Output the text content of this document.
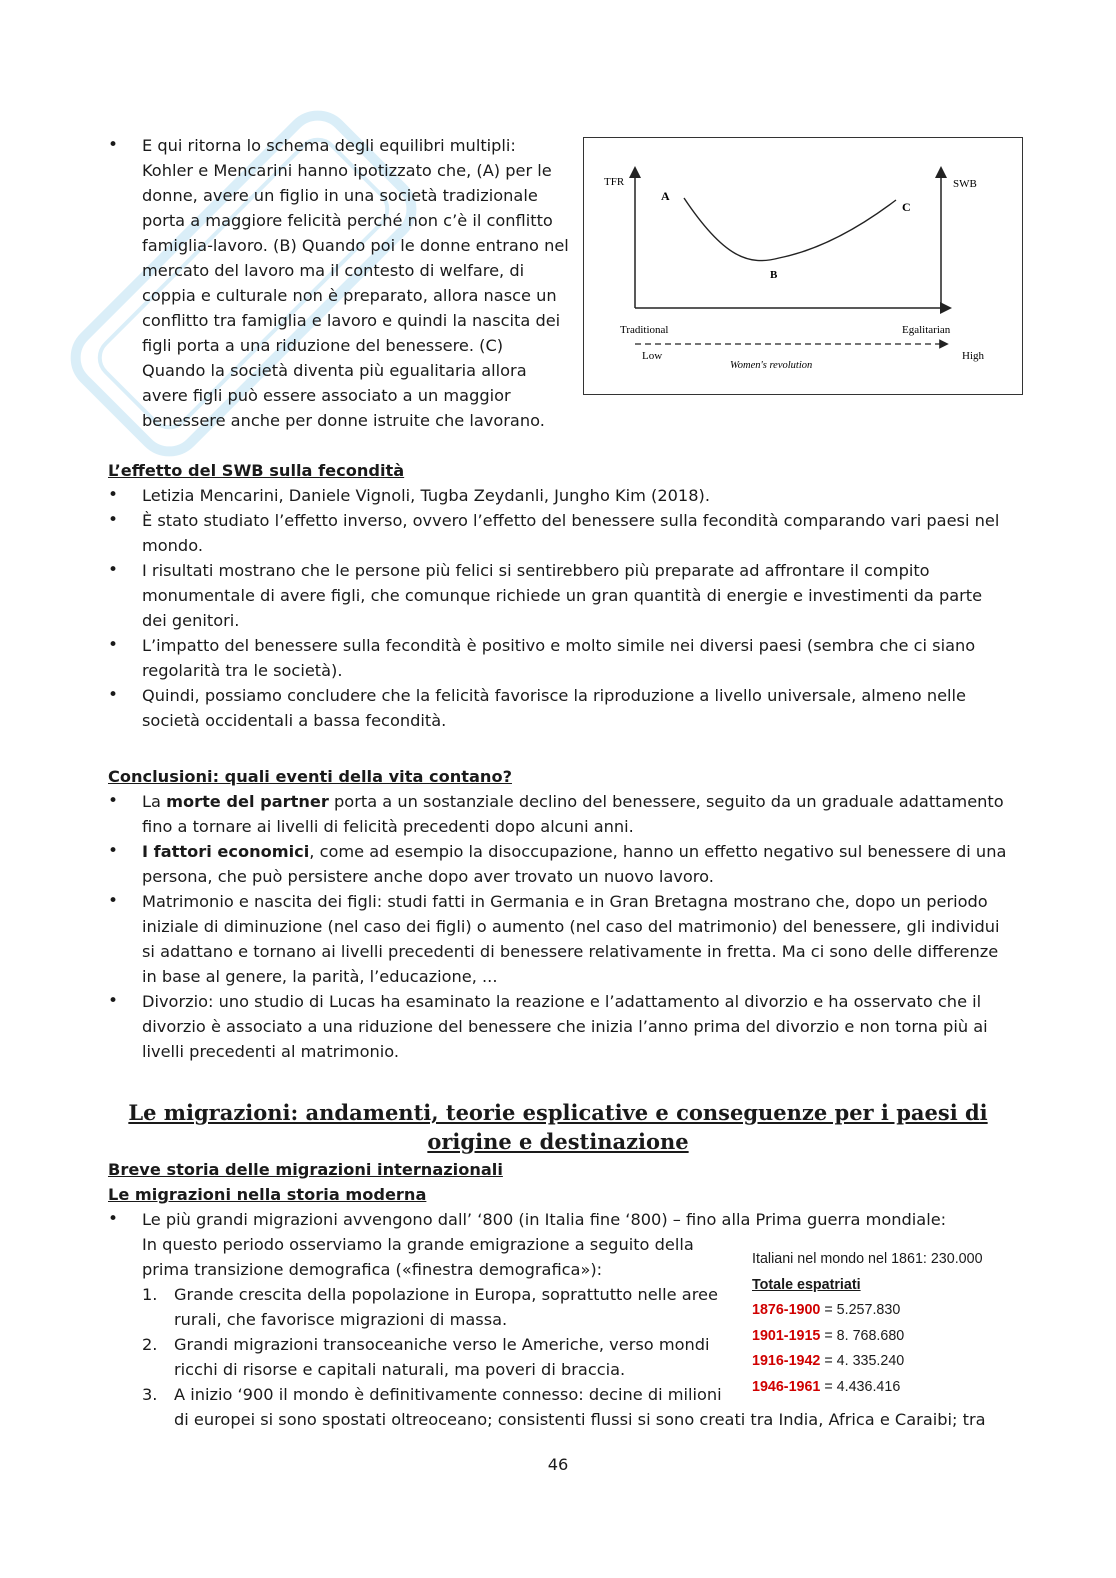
• E qui ritorna lo schema degli equilibri multipli: Kohler e Mencarini hanno ipotizzato che, (A) per le donne, avere un figlio in una società tradizionale porta a maggiore felicità perché non c’è il conflitto famiglia-lavoro. (B) Quando poi le donne entrano nel mercato del lavoro ma il contesto di welfare, di coppia e culturale non è preparato, allora nasce un conflitto tra famiglia e lavoro e quindi la nascita dei figli porta a una riduzione del benessere. (C) Quando la società diventa più egualitaria allora avere figli può essere associato a un maggior benessere anche per donne istruite che lavorano.
TFR	SWB
A
B
C
Traditional	Egalitarian
Low	High
Women's revolution
L’effetto del SWB sulla fecondità
• Letizia Mencarini, Daniele Vignoli, Tugba Zeydanli, Jungho Kim (2018).
• È stato studiato l’effetto inverso, ovvero l’effetto del benessere sulla fecondità comparando vari paesi nel mondo.
• I risultati mostrano che le persone più felici si sentirebbero più preparate ad affrontare il compito monumentale di avere figli, che comunque richiede un gran quantità di energie e investimenti da parte dei genitori.
• L’impatto del benessere sulla fecondità è positivo e molto simile nei diversi paesi (sembra che ci siano regolarità tra le società).
• Quindi, possiamo concludere che la felicità favorisce la riproduzione a livello universale, almeno nelle società occidentali a bassa fecondità.
Conclusioni: quali eventi della vita contano?
• La morte del partner porta a un sostanziale declino del benessere, seguito da un graduale adattamento fino a tornare ai livelli di felicità precedenti dopo alcuni anni.
• I fattori economici, come ad esempio la disoccupazione, hanno un effetto negativo sul benessere di una persona, che può persistere anche dopo aver trovato un nuovo lavoro.
• Matrimonio e nascita dei figli: studi fatti in Germania e in Gran Bretagna mostrano che, dopo un periodo iniziale di diminuzione (nel caso dei figli) o aumento (nel caso del matrimonio) del benessere, gli individui si adattano e tornano ai livelli precedenti di benessere relativamente in fretta. Ma ci sono delle differenze in base al genere, la parità, l’educazione, ...
• Divorzio: uno studio di Lucas ha esaminato la reazione e l’adattamento al divorzio e ha osservato che il divorzio è associato a una riduzione del benessere che inizia l’anno prima del divorzio e non torna più ai livelli precedenti al matrimonio.
Le migrazioni: andamenti, teorie esplicative e conseguenze per i paesi di origine e destinazione
Breve storia delle migrazioni internazionali
Le migrazioni nella storia moderna
• Le più grandi migrazioni avvengono dall’ ‘800 (in Italia fine ‘800) – fino alla Prima guerra mondiale:
In questo periodo osserviamo la grande emigrazione a seguito della prima transizione demografica («finestra demografica»):
1. Grande crescita della popolazione in Europa, soprattutto nelle aree rurali, che favorisce migrazioni di massa.
2. Grandi migrazioni transoceaniche verso le Americhe, verso mondi ricchi di risorse e capitali naturali, ma poveri di braccia.
3. A inizio ‘900 il mondo è definitivamente connesso: decine di milioni
di europei si sono spostati oltreoceano; consistenti flussi si sono creati tra India, Africa e Caraibi; tra
Italiani nel mondo nel 1861: 230.000
Totale espatriati
1876-1900 = 5.257.830
1901-1915 = 8. 768.680
1916-1942 = 4. 335.240
1946-1961 = 4.436.416
46
